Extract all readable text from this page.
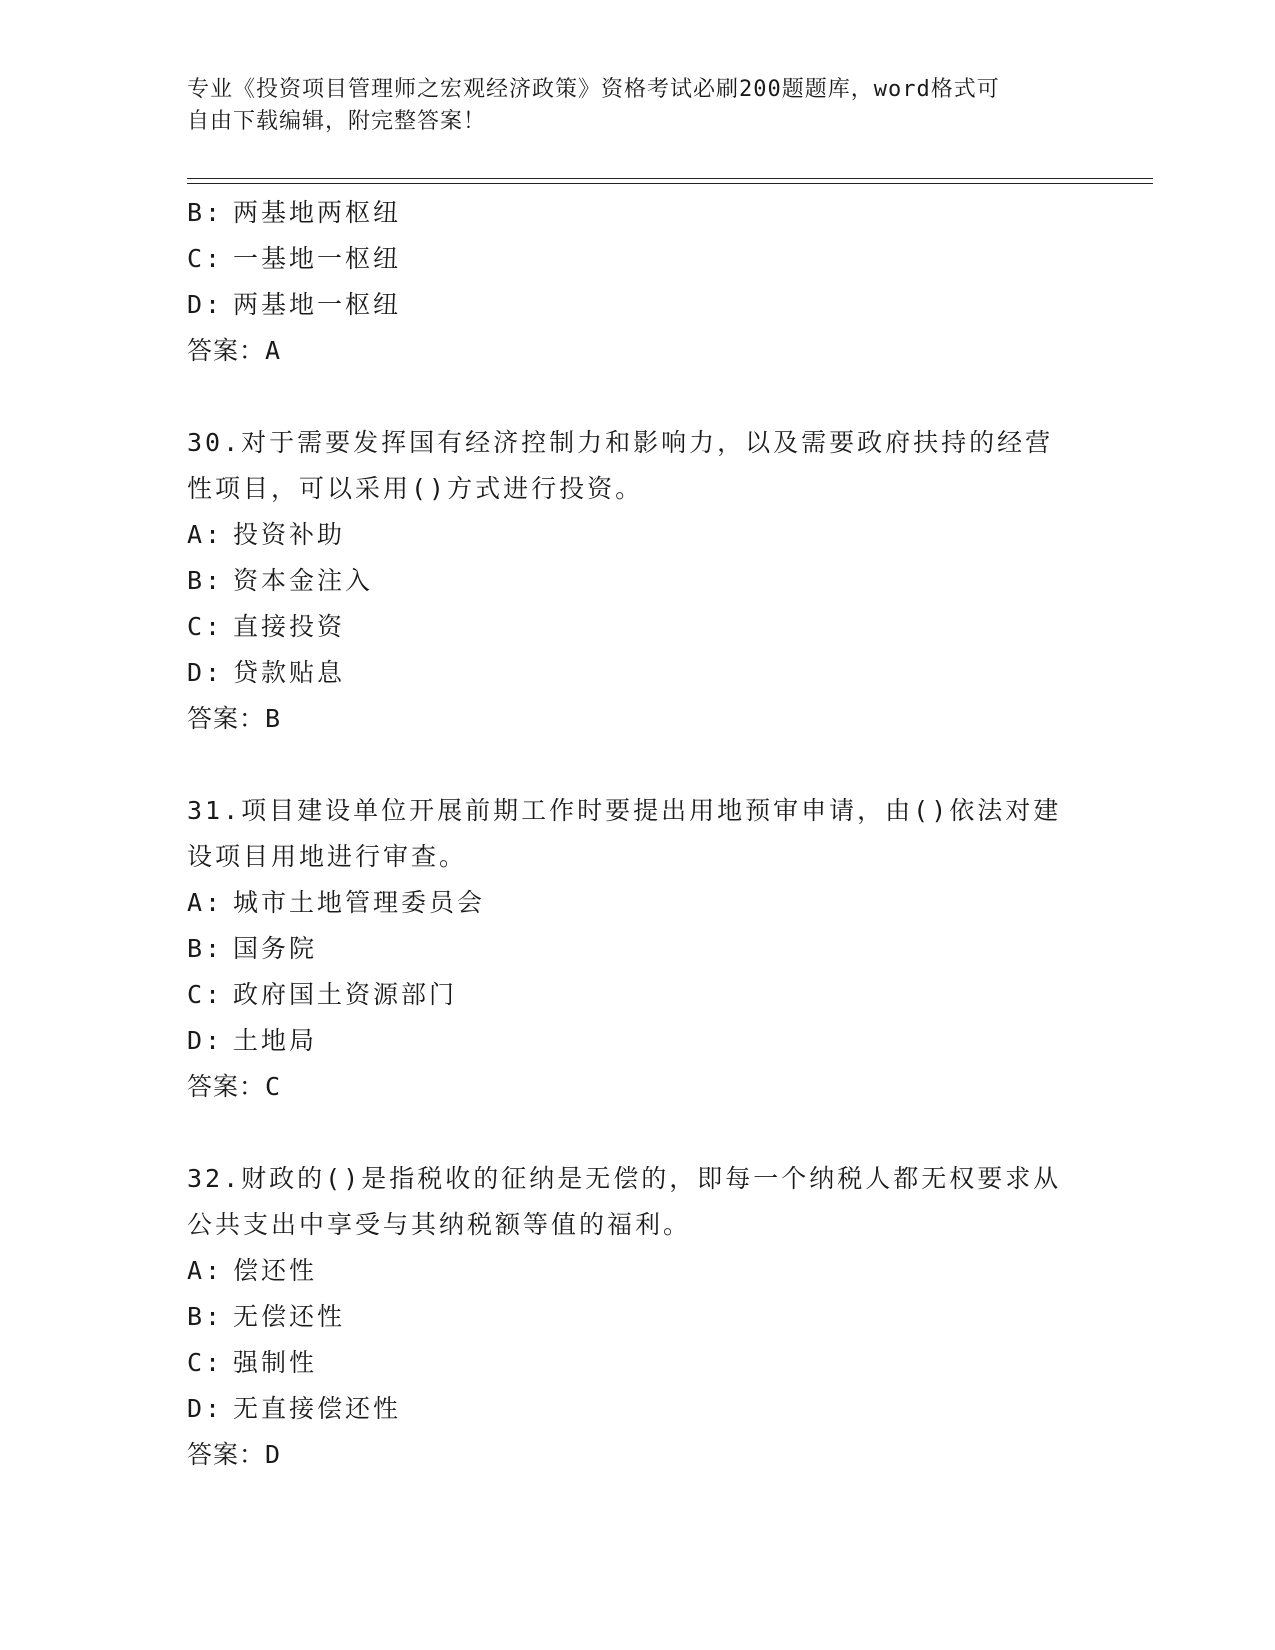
专业《投资项目管理师之宏观经济政策》资格考试必刷200题题库，word格式可
自由下载编辑，附完整答案！
B: 两基地两枢纽
C: 一基地一枢纽
D: 两基地一枢纽
答案：A
30.对于需要发挥国有经济控制力和影响力，以及需要政府扶持的经营
性项目，可以采用()方式进行投资。
A: 投资补助
B: 资本金注入
C: 直接投资
D: 贷款贴息
答案：B
31.项目建设单位开展前期工作时要提出用地预审申请，由()依法对建
设项目用地进行审查。
A: 城市土地管理委员会
B: 国务院
C: 政府国土资源部门
D: 土地局
答案：C
32.财政的()是指税收的征纳是无偿的，即每一个纳税人都无权要求从
公共支出中享受与其纳税额等值的福利。
A: 偿还性
B: 无偿还性
C: 强制性
D: 无直接偿还性
答案：D
